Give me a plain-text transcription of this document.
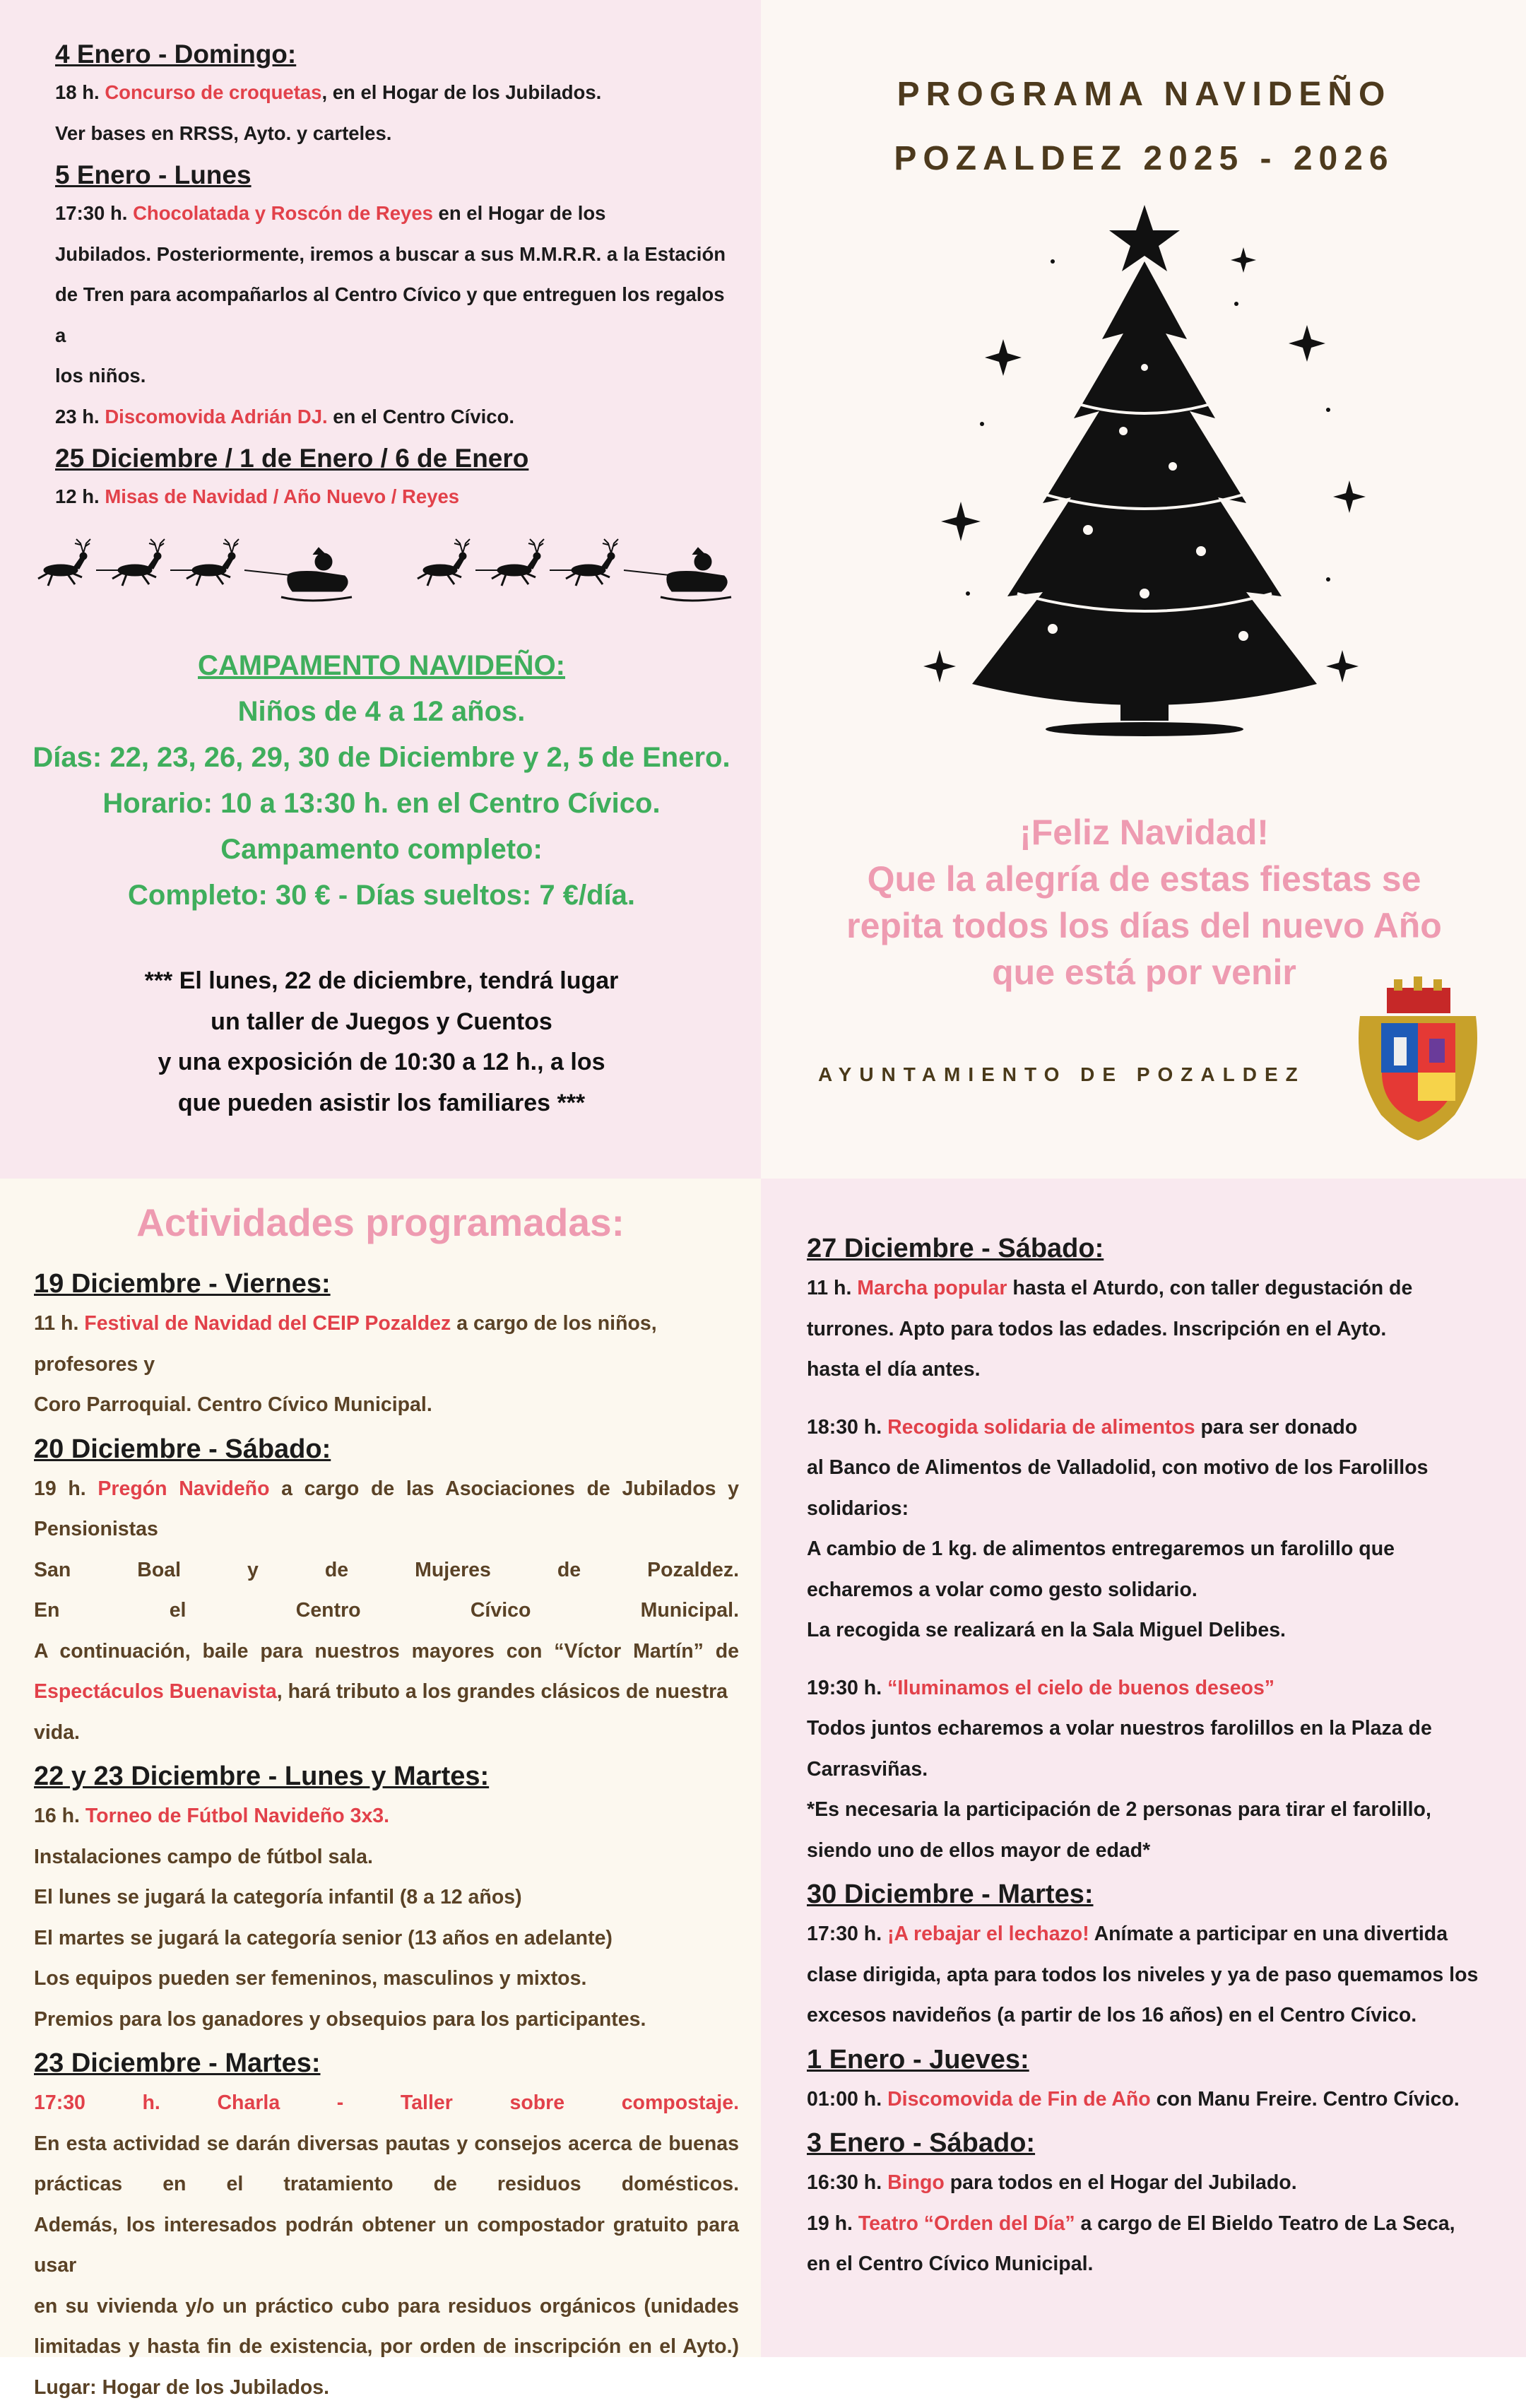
4 Enero - Domingo:

18 h. Concurso de croquetas, en el Hogar de los Jubilados.

Ver bases en RRSS, Ayto. y carteles.

5 Enero - Lunes

17:30 h. Chocolatada y Roscón de Reyes en el Hogar de los

Jubilados. Posteriormente, iremos a buscar a sus M.M.R.R. a la Estación

de Tren para acompañarlos al Centro Cívico y que entreguen los regalos a

los niños.

23 h. Discomovida Adrián DJ. en el Centro Cívico.

25 Diciembre / 1 de Enero / 6 de Enero

12 h. Misas de Navidad / Año Nuevo / Reyes

CAMPAMENTO NAVIDEÑO:

Niños de 4 a 12 años.

Días: 22, 23, 26, 29, 30 de Diciembre y 2, 5 de Enero.

Horario: 10 a 13:30 h. en el Centro Cívico.

Campamento completo:

Completo: 30 € - Días sueltos: 7 €/día.

*** El lunes, 22 de diciembre, tendrá lugar

un taller de Juegos y Cuentos

y una exposición de 10:30 a 12 h., a los

que pueden asistir los familiares ***

PROGRAMA NAVIDEÑO

POZALDEZ 2025 - 2026

¡Feliz Navidad!

Que la alegría de estas fiestas se

repita todos los días del nuevo Año

que está por venir

AYUNTAMIENTO DE POZALDEZ
Actividades programadas:

19 Diciembre - Viernes:

11 h. Festival de Navidad del CEIP Pozaldez a cargo de los niños, profesores y

Coro Parroquial. Centro Cívico Municipal.

20 Diciembre - Sábado:

19 h. Pregón Navideño a cargo de las Asociaciones de Jubilados y Pensionistas

San Boal y de Mujeres de Pozaldez.

En el Centro Cívico Municipal.

A continuación, baile para nuestros mayores con “Víctor Martín” de

Espectáculos Buenavista, hará tributo a los grandes clásicos de nuestra vida.

22 y 23 Diciembre - Lunes y Martes:

16 h. Torneo de Fútbol Navideño 3x3.

Instalaciones campo de fútbol sala.

El lunes se jugará la categoría infantil (8 a 12 años)

El martes se jugará la categoría senior (13 años en adelante)

Los equipos pueden ser femeninos, masculinos y mixtos.

Premios para los ganadores y obsequios para los participantes.

23 Diciembre - Martes:

17:30 h. Charla - Taller sobre compostaje.

En esta actividad se darán diversas pautas y consejos acerca de buenas

prácticas en el tratamiento de residuos domésticos.

Además, los interesados podrán obtener un compostador gratuito para usar

en su vivienda y/o un práctico cubo para residuos orgánicos (unidades

limitadas y hasta fin de existencia, por orden de inscripción en el Ayto.)

Lugar: Hogar de los Jubilados.

27 Diciembre - Sábado:

11 h. Marcha popular hasta el Aturdo, con taller degustación de

turrones. Apto para todos las edades. Inscripción en el Ayto.

hasta el día antes.

18:30 h. Recogida solidaria de alimentos para ser donado

al Banco de Alimentos de Valladolid, con motivo de los Farolillos solidarios:

A cambio de 1 kg. de alimentos entregaremos un farolillo que

echaremos a volar como gesto solidario.

La recogida se realizará en la Sala Miguel Delibes.

19:30 h. “Iluminamos el cielo de buenos deseos”

Todos juntos echaremos a volar nuestros farolillos en la Plaza de

Carrasviñas.

*Es necesaria la participación de 2 personas para tirar el farolillo,

siendo uno de ellos mayor de edad*

30 Diciembre - Martes:

17:30 h. ¡A rebajar el lechazo! Anímate a participar en una divertida

clase dirigida, apta para todos los niveles y ya de paso quemamos los

excesos navideños (a partir de los 16 años) en el Centro Cívico.

1 Enero - Jueves:

01:00 h. Discomovida de Fin de Año con Manu Freire. Centro Cívico.

3 Enero - Sábado:

16:30 h. Bingo para todos en el Hogar del Jubilado.

19 h. Teatro “Orden del Día” a cargo de El Bieldo Teatro de La Seca,

en el Centro Cívico Municipal.
